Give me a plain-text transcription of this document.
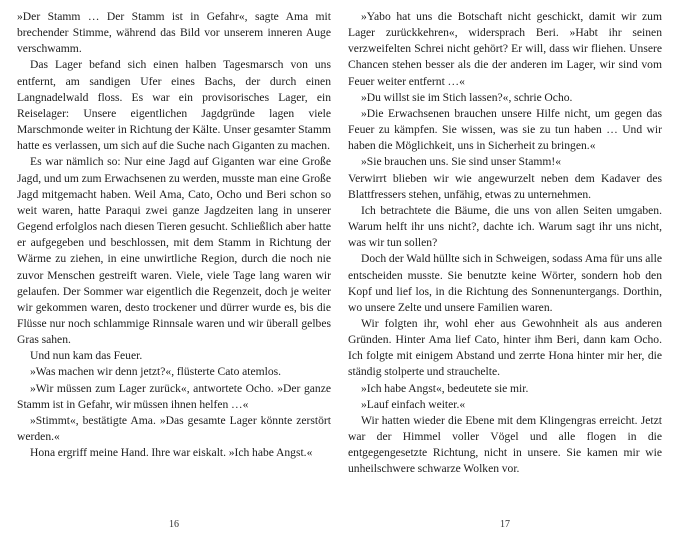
»Der Stamm … Der Stamm ist in Gefahr«, sagte Ama mit brechender Stimme, während das Bild vor unserem inneren Auge verschwamm.

Das Lager befand sich einen halben Tagesmarsch von uns entfernt, am sandigen Ufer eines Bachs, der durch einen Langnadelwald floss. Es war ein provisorisches Lager, ein Reiselager: Unsere eigentlichen Jagdgründe lagen viele Marschmonde weiter in Richtung der Kälte. Unser gesamter Stamm hatte es verlassen, um sich auf die Suche nach Giganten zu machen.

Es war nämlich so: Nur eine Jagd auf Giganten war eine Große Jagd, und um zum Erwachsenen zu werden, musste man eine Große Jagd mitgemacht haben. Weil Ama, Cato, Ocho und Beri schon so weit waren, hatte Paraqui zwei ganze Jagdzeiten lang in unserer Gegend erfolglos nach diesen Tieren gesucht. Schließlich aber hatte er aufgegeben und beschlossen, mit dem Stamm in Richtung der Wärme zu ziehen, in eine unwirtliche Region, durch die noch nie zuvor Menschen gestreift waren. Viele, viele Tage lang waren wir gelaufen. Der Sommer war eigentlich die Regenzeit, doch je weiter wir gekommen waren, desto trockener und dürrer wurde es, bis die Flüsse nur noch schlammige Rinnsale waren und wir überall gelbes Gras sahen.

Und nun kam das Feuer.

»Was machen wir denn jetzt?«, flüsterte Cato atemlos.

»Wir müssen zum Lager zurück«, antwortete Ocho. »Der ganze Stamm ist in Gefahr, wir müssen ihnen helfen …«

»Stimmt«, bestätigte Ama. »Das gesamte Lager könnte zerstört werden.«

Hona ergriff meine Hand. Ihre war eiskalt. »Ich habe Angst.«

16

»Yabo hat uns die Botschaft nicht geschickt, damit wir zum Lager zurückkehren«, widersprach Beri. »Habt ihr seinen verzweifelten Schrei nicht gehört? Er will, dass wir fliehen. Unsere Chancen stehen besser als die der anderen im Lager, wir sind vom Feuer weiter entfernt …«

»Du willst sie im Stich lassen?«, schrie Ocho.

»Die Erwachsenen brauchen unsere Hilfe nicht, um gegen das Feuer zu kämpfen. Sie wissen, was sie zu tun haben … Und wir haben die Möglichkeit, uns in Sicherheit zu bringen.«

»Sie brauchen uns. Sie sind unser Stamm!«

Verwirrt blieben wir wie angewurzelt neben dem Kadaver des Blattfressers stehen, unfähig, etwas zu unternehmen.

Ich betrachtete die Bäume, die uns von allen Seiten umgaben. Warum helft ihr uns nicht?, dachte ich. Warum sagt ihr uns nicht, was wir tun sollen?

Doch der Wald hüllte sich in Schweigen, sodass Ama für uns alle entscheiden musste. Sie benutzte keine Wörter, sondern hob den Kopf und lief los, in die Richtung des Sonnenuntergangs. Dorthin, wo unsere Zelte und unsere Familien waren.

Wir folgten ihr, wohl eher aus Gewohnheit als aus anderen Gründen. Hinter Ama lief Cato, hinter ihm Beri, dann kam Ocho. Ich folgte mit einigem Abstand und zerrte Hona hinter mir her, die ständig stolperte und strauchelte.

»Ich habe Angst«, bedeutete sie mir.

»Lauf einfach weiter.«

Wir hatten wieder die Ebene mit dem Klingengras erreicht. Jetzt war der Himmel voller Vögel und alle flogen in die entgegengesetzte Richtung, nicht in unsere. Sie kamen mir wie unheilschwere schwarze Wolken vor.

17
